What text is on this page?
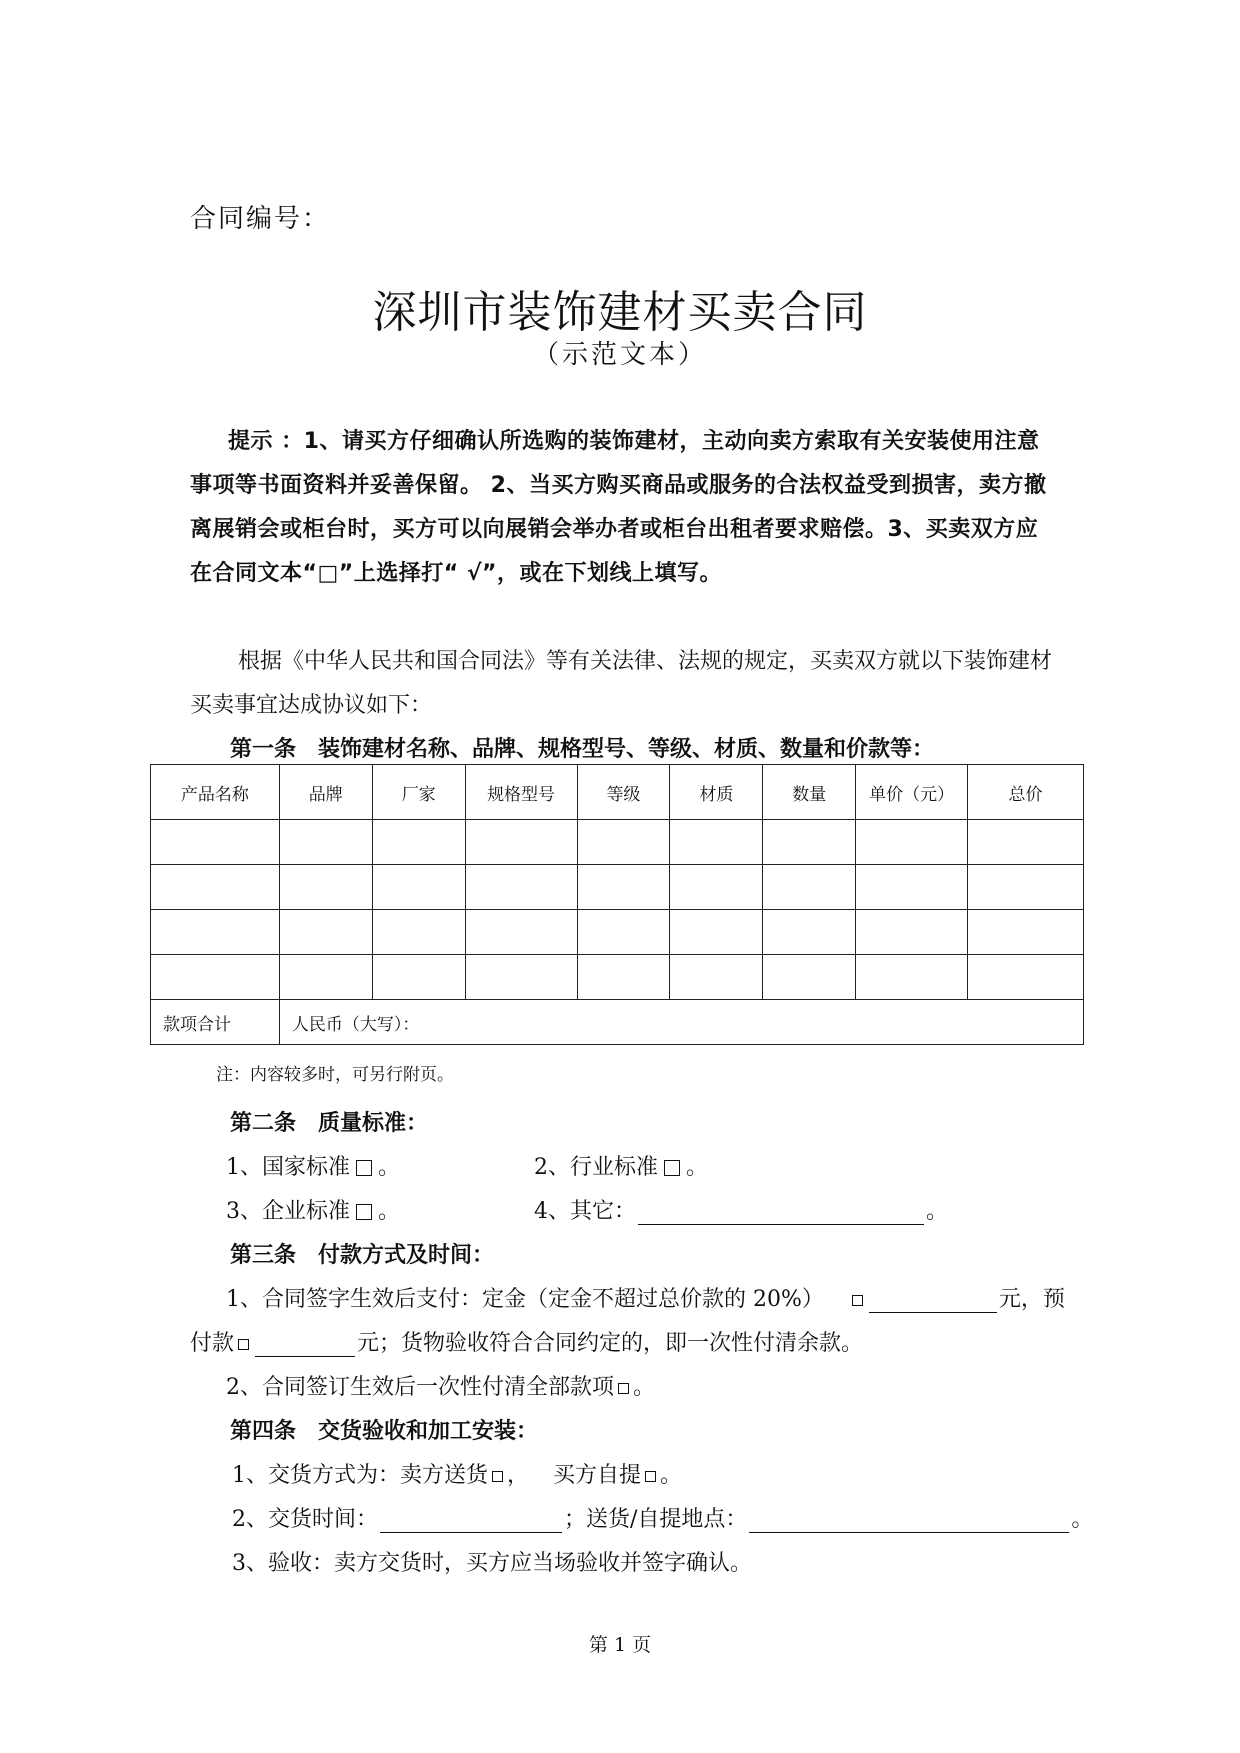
合同编号：
深圳市装饰建材买卖合同
（示范文本）
提示 ：1、请买方仔细确认所选购的装饰建材，主动向卖方索取有关安装使用注意事项等书面资料并妥善保留。 2、当买方购买商品或服务的合法权益受到损害，卖方撤离展销会或柜台时，买方可以向展销会举办者或柜台出租者要求赔偿。3、买卖双方应在合同文本“□”上选择打“ √”，或在下划线上填写。
根据《中华人民共和国合同法》等有关法律、法规的规定，买卖双方就以下装饰建材买卖事宜达成协议如下：
第一条　装饰建材名称、品牌、规格型号、等级、材质、数量和价款等：
产品名称	品牌	厂家	规格型号	等级	材质	数量	单价（元）	总价

款项合计	人民币（大写）：							
注：内容较多时，可另行附页。
第二条　质量标准：
1、国家标准 。	2、行业标准 。
3、企业标准 。	4、其它：	。
第三条　付款方式及时间：
1、合同签字生效后支付：定金（定金不超过总价款的 20%）	元，预
付款	元；货物验收符合合同约定的，即一次性付清余款。
2、合同签订生效后一次性付清全部款项 。
第四条　交货验收和加工安装：
1、交货方式为：卖方送货 ， 买方自提 。
2、交货时间：	；送货/自提地点：	。
3、验收：卖方交货时，买方应当场验收并签字确认。
第 1 页
